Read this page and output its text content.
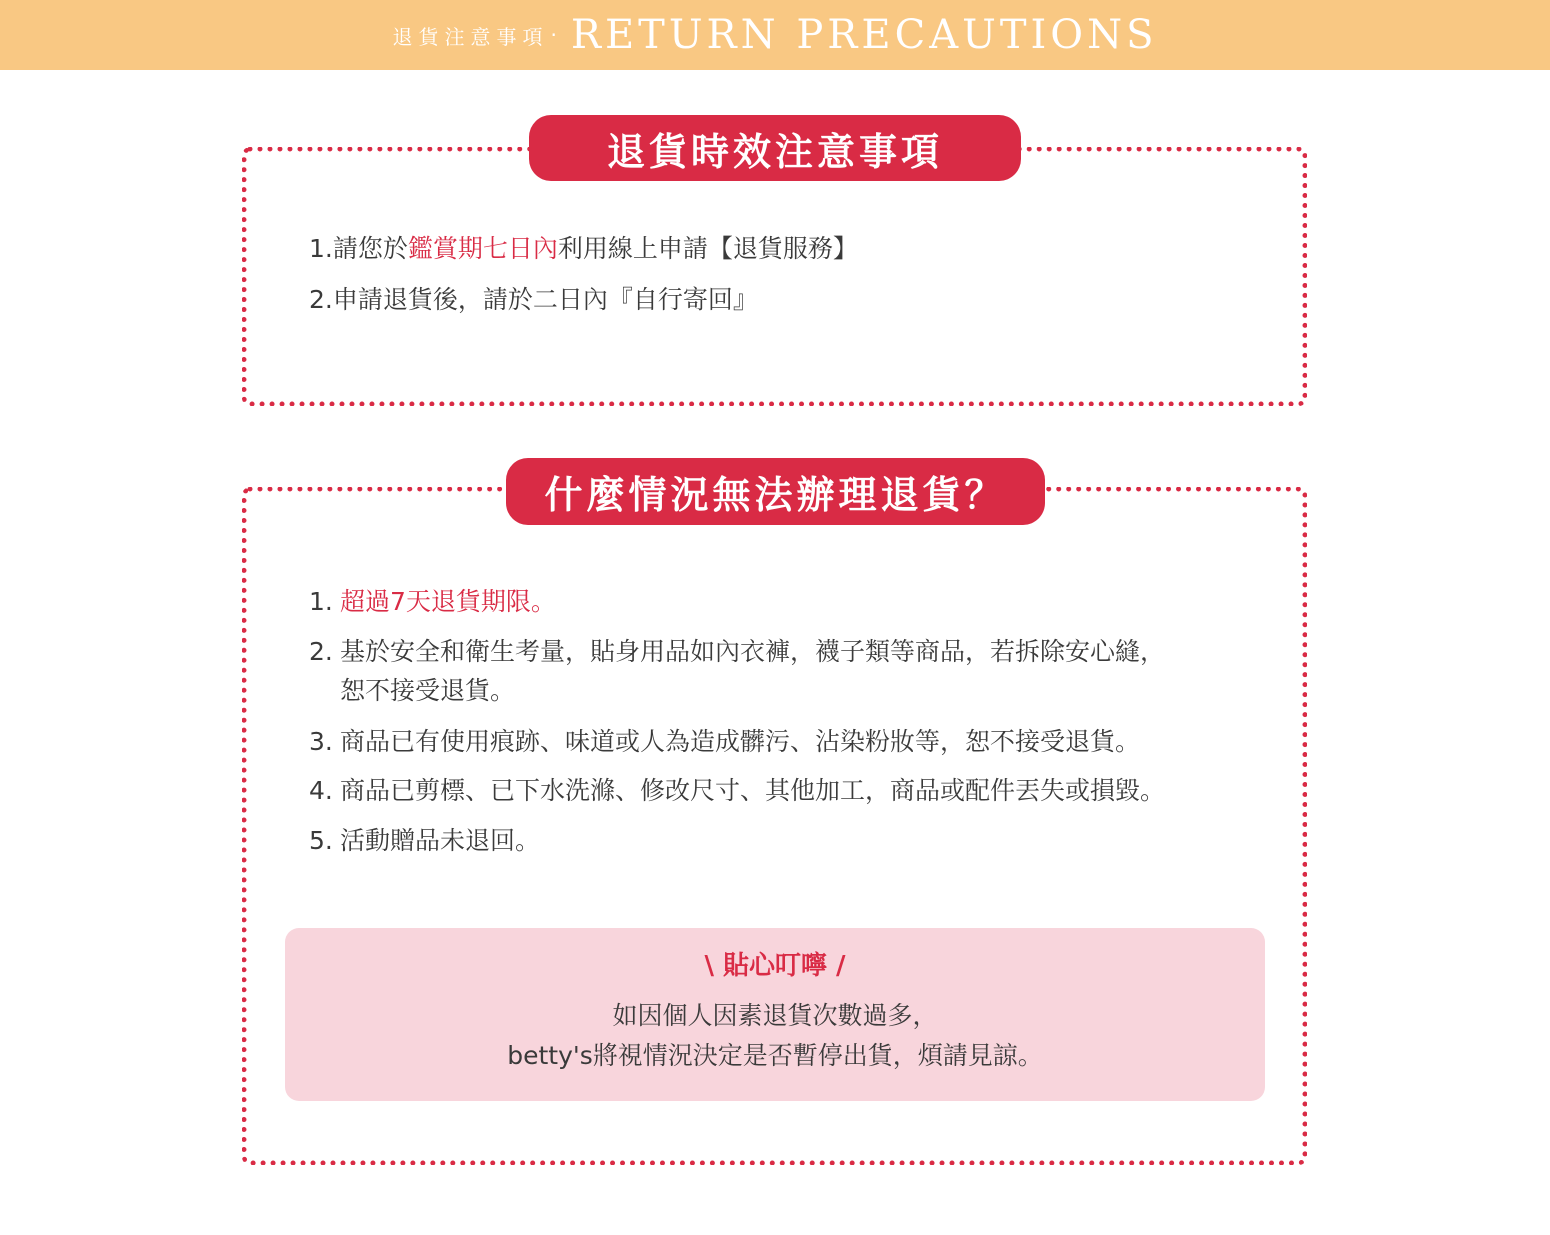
退貨注意事項 · RETURN PRECAUTIONS
退貨時效注意事項
1.請您於鑑賞期七日內利用線上申請【退貨服務】
2.申請退貨後，請於二日內『自行寄回』
什麼情況無法辦理退貨？
1. 超過7天退貨期限。
2. 基於安全和衛生考量，貼身用品如內衣褲，襪子類等商品，若拆除安心縫，
恕不接受退貨。
3. 商品已有使用痕跡、味道或人為造成髒污、沾染粉妝等，恕不接受退貨。
4. 商品已剪標、已下水洗滌、修改尺寸、其他加工，商品或配件丟失或損毀。
5. 活動贈品未退回。
\ 貼心叮嚀 /
如因個人因素退貨次數過多，
betty's將視情況決定是否暫停出貨，煩請見諒。
